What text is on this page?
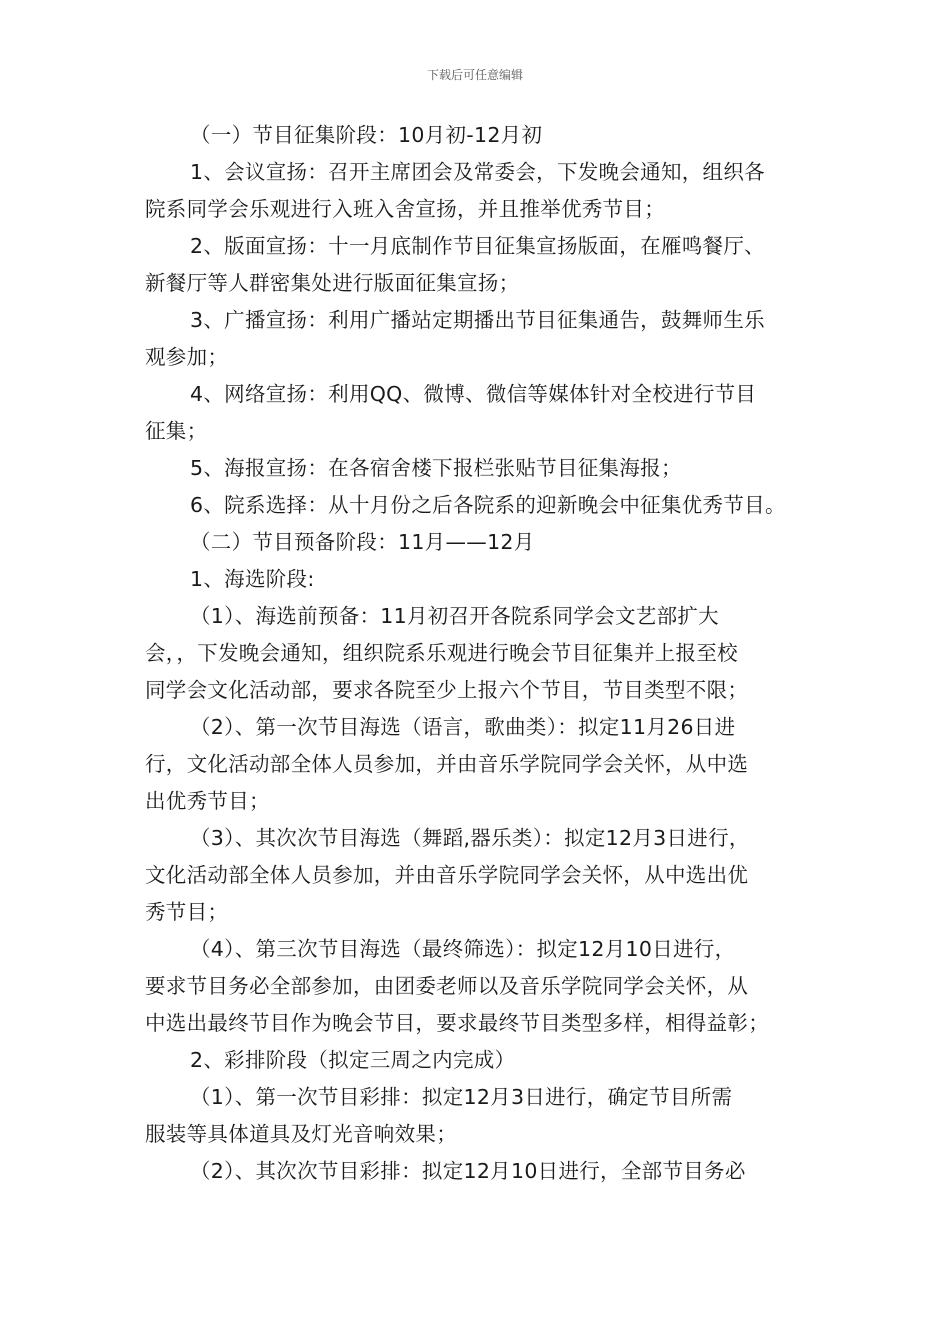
下载后可任意编辑
（一）节目征集阶段：10月初-12月初
1、会议宣扬：召开主席团会及常委会，下发晚会通知，组织各
院系同学会乐观进行入班入舍宣扬，并且推举优秀节目；
2、版面宣扬：十一月底制作节目征集宣扬版面，在雁鸣餐厅、
新餐厅等人群密集处进行版面征集宣扬；
3、广播宣扬：利用广播站定期播出节目征集通告，鼓舞师生乐
观参加；
4、网络宣扬：利用QQ、微博、微信等媒体针对全校进行节目
征集；
5、海报宣扬：在各宿舍楼下报栏张贴节目征集海报；
6、院系选择：从十月份之后各院系的迎新晚会中征集优秀节目。
（二）节目预备阶段：11月——12月
1、海选阶段:
（1）、海选前预备：11月初召开各院系同学会文艺部扩大
会，，下发晚会通知，组织院系乐观进行晚会节目征集并上报至校
同学会文化活动部，要求各院至少上报六个节目，节目类型不限；
（2）、第一次节目海选（语言，歌曲类）：拟定11月26日进
行，文化活动部全体人员参加，并由音乐学院同学会关怀，从中选
出优秀节目；
（3）、其次次节目海选（舞蹈,器乐类）：拟定12月3日进行，
文化活动部全体人员参加，并由音乐学院同学会关怀，从中选出优
秀节目；
（4）、第三次节目海选（最终筛选）：拟定12月10日进行，
要求节目务必全部参加，由团委老师以及音乐学院同学会关怀，从
中选出最终节目作为晚会节目，要求最终节目类型多样，相得益彰；
2、彩排阶段（拟定三周之内完成）
（1）、第一次节目彩排：拟定12月3日进行，确定节目所需
服装等具体道具及灯光音响效果；
（2）、其次次节目彩排：拟定12月10日进行，全部节目务必
